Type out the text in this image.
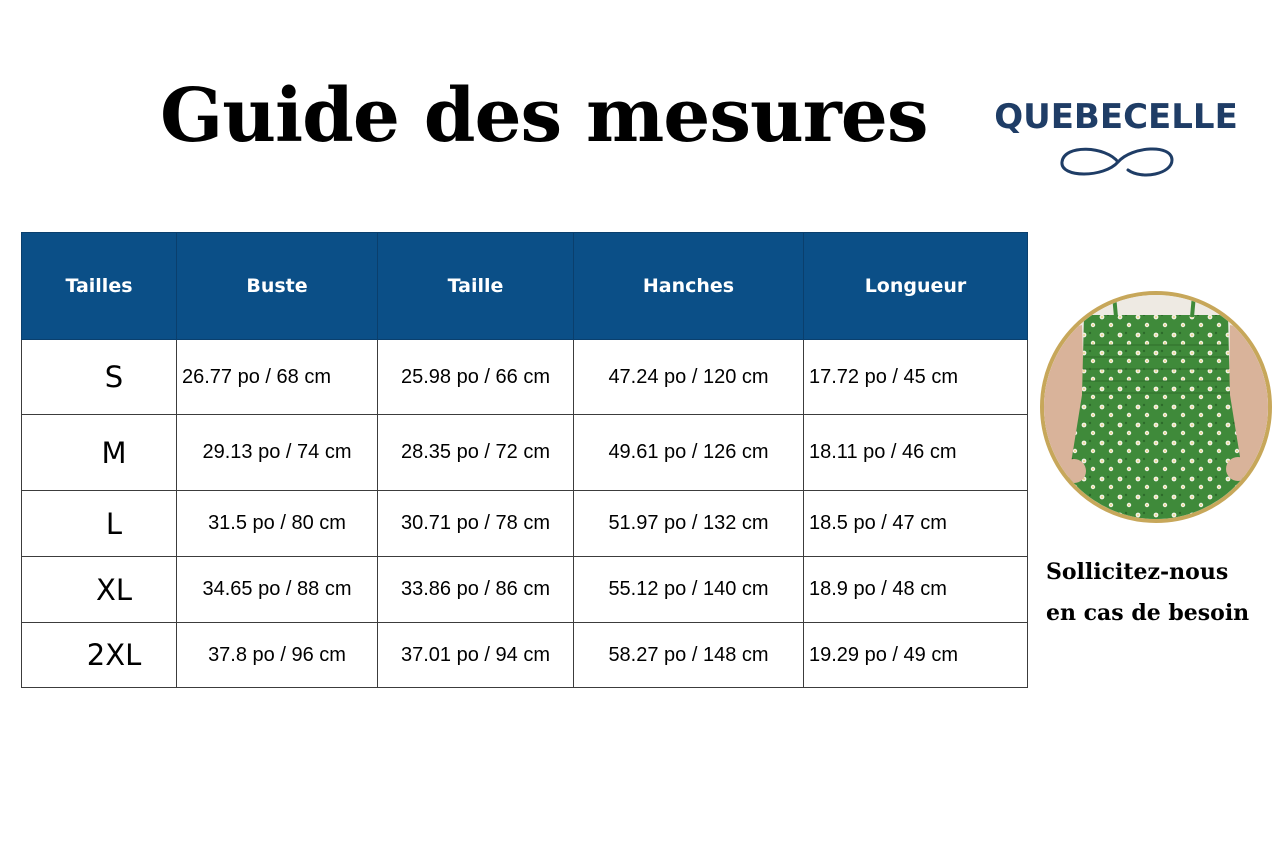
Guide des mesures QUEBECELLE
Tailles	Buste	Taille	Hanches	Longueur
S	26.77 po / 68 cm	25.98 po / 66 cm	47.24 po / 120 cm	17.72 po / 45 cm
M	29.13 po / 74 cm	28.35 po / 72 cm	49.61 po / 126 cm	18.11 po / 46 cm
L	31.5 po / 80 cm	30.71 po / 78 cm	51.97 po / 132 cm	18.5 po / 47 cm
XL	34.65 po / 88 cm	33.86 po / 86 cm	55.12 po / 140 cm	18.9 po / 48 cm
2XL	37.8 po / 96 cm	37.01 po / 94 cm	58.27 po / 148 cm	19.29 po / 49 cm

Sollicitez-nous
en cas de besoin
